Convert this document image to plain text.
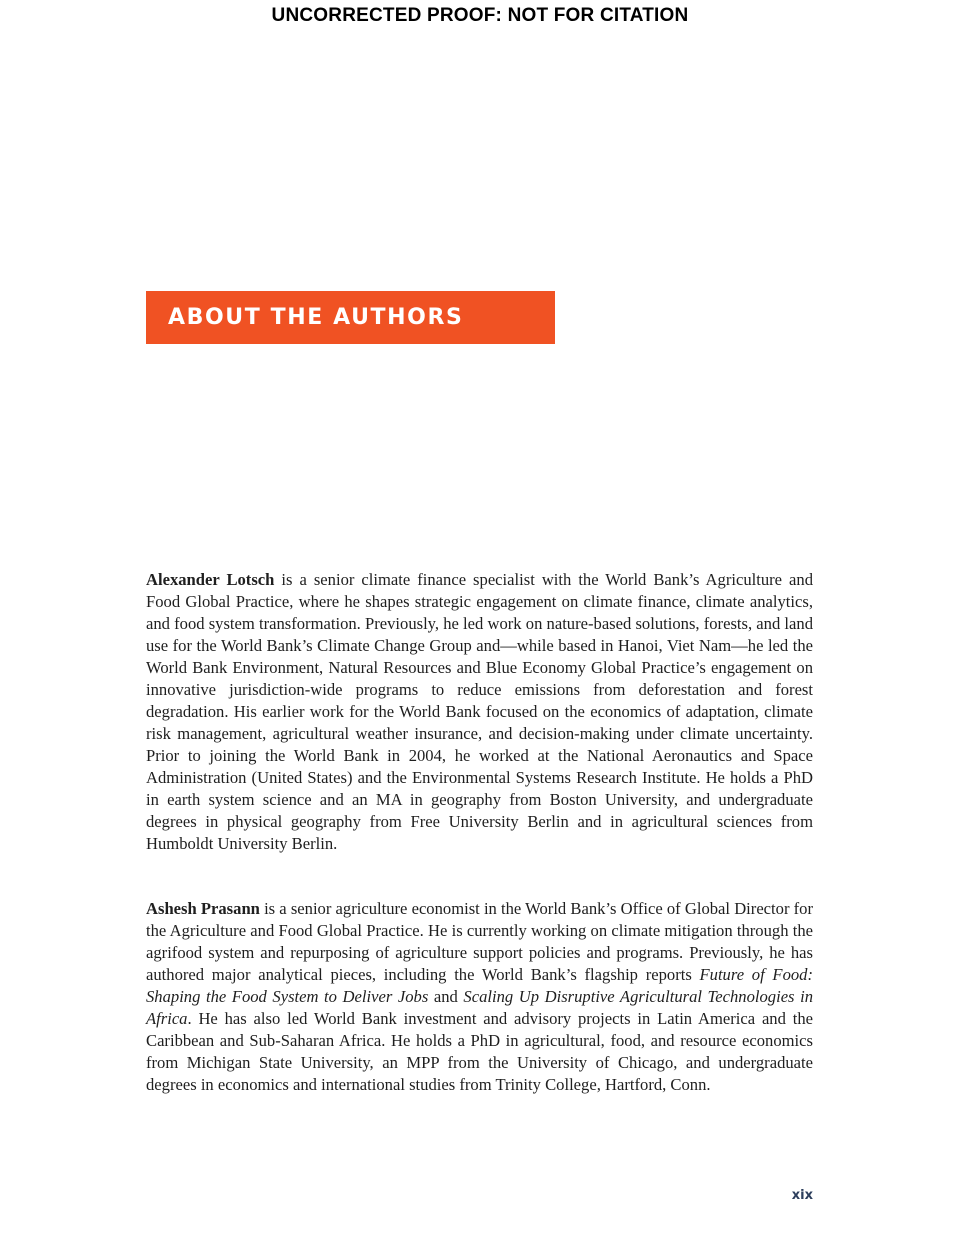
UNCORRECTED PROOF: NOT FOR CITATION
ABOUT THE AUTHORS

Alexander Lotsch is a senior climate finance specialist with the World Bank’s Agriculture and Food Global Practice, where he shapes strategic engagement on climate finance, climate analytics, and food system transformation. Previously, he led work on nature-based solutions, forests, and land use for the World Bank’s Climate Change Group and—while based in Hanoi, Viet Nam—he led the World Bank Environment, Natural Resources and Blue Economy Global Practice’s engagement on innovative jurisdiction-wide programs to reduce emissions from deforestation and forest degradation. His earlier work for the World Bank focused on the economics of adaptation, climate risk management, agricultural weather insurance, and decision-making under climate uncertainty. Prior to joining the World Bank in 2004, he worked at the National Aeronautics and Space Administration (United States) and the Environmental Systems Research Institute. He holds a PhD in earth system science and an MA in geography from Boston University, and undergraduate degrees in physical geography from Free University Berlin and in agricultural sciences from Humboldt University Berlin.

Ashesh Prasann is a senior agriculture economist in the World Bank’s Office of Global Director for the Agriculture and Food Global Practice. He is currently working on climate mitigation through the agrifood system and repurposing of agriculture support policies and programs. Previously, he has authored major analytical pieces, including the World Bank’s flagship reports Future of Food: Shaping the Food System to Deliver Jobs and Scaling Up Disruptive Agricultural Technologies in Africa. He has also led World Bank investment and advisory projects in Latin America and the Caribbean and Sub-Saharan Africa. He holds a PhD in agricultural, food, and resource economics from Michigan State University, an MPP from the University of Chicago, and undergraduate degrees in economics and international studies from Trinity College, Hartford, Conn.

xix
